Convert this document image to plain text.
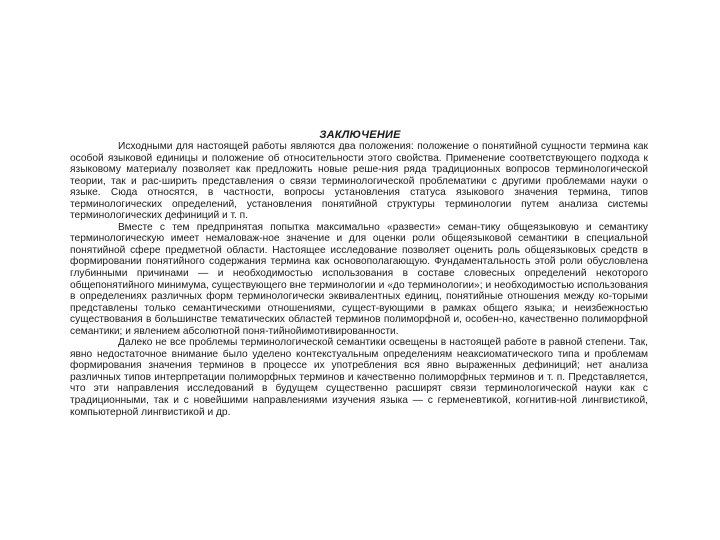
ЗАКЛЮЧЕНИЕ

Исходными для настоящей работы являются два положения: положение о понятийной сущности термина как особой языковой единицы и положение об относительности этого свойства. Применение соответствующего подхода к языковому материалу позволяет как предложить новые реше-ния ряда традиционных вопросов терминологической теории, так и рас-ширить представления о связи терминологической проблематики с другими проблемами науки о языке. Сюда относятся, в частности, вопросы установления статуса языкового значения термина, типов терминологических определений, установления понятийной структуры терминологии путем анализа системы терминологических дефиниций и т. п.

Вместе с тем предпринятая попытка максимально «развести» семан-тику общеязыковую и семантику терминологическую имеет немаловаж-ное значение и для оценки роли общеязыковой семантики в специальной понятийной сфере предметной области. Настоящее исследование позволяет оценить роль общеязыковых средств в формировании понятийного содержания термина как основополагающую. Фундаментальность этой роли обусловлена глубинными причинами — и необходимостью использования в составе словесных определений некоторого общепонятийного минимума, существующего вне терминологии и «до терминологии»; и необходимостью использования в определениях различных форм терминологически эквивалентных единиц, понятийные отношения между ко-торыми представлены только семантическими отношениями, сущест-вующими в рамках общего языка; и неизбежностью существования в большинстве тематических областей терминов полиморфной и, особен-но, качественно полиморфной семантики; и явлением абсолютной поня-тийнойимотивированности.

Далеко не все проблемы терминологической семантики освещены в настоящей работе в равной степени. Так, явно недостаточное внимание было уделено контекстуальным определениям неаксиоматического типа и проблемам формирования значения терминов в процессе их употребления вся явно выраженных дефиниций; нет анализа различных типов интерпретации полиморфных терминов и качественно полиморфных терминов и т. п. Представляется, что эти направления исследований в будущем существенно расширят связи терминологической науки как с традиционными, так и с новейшими направлениями изучения языка — с герменевтикой, когнитив-ной лингвистикой, компьютерной лингвистикой и др.
